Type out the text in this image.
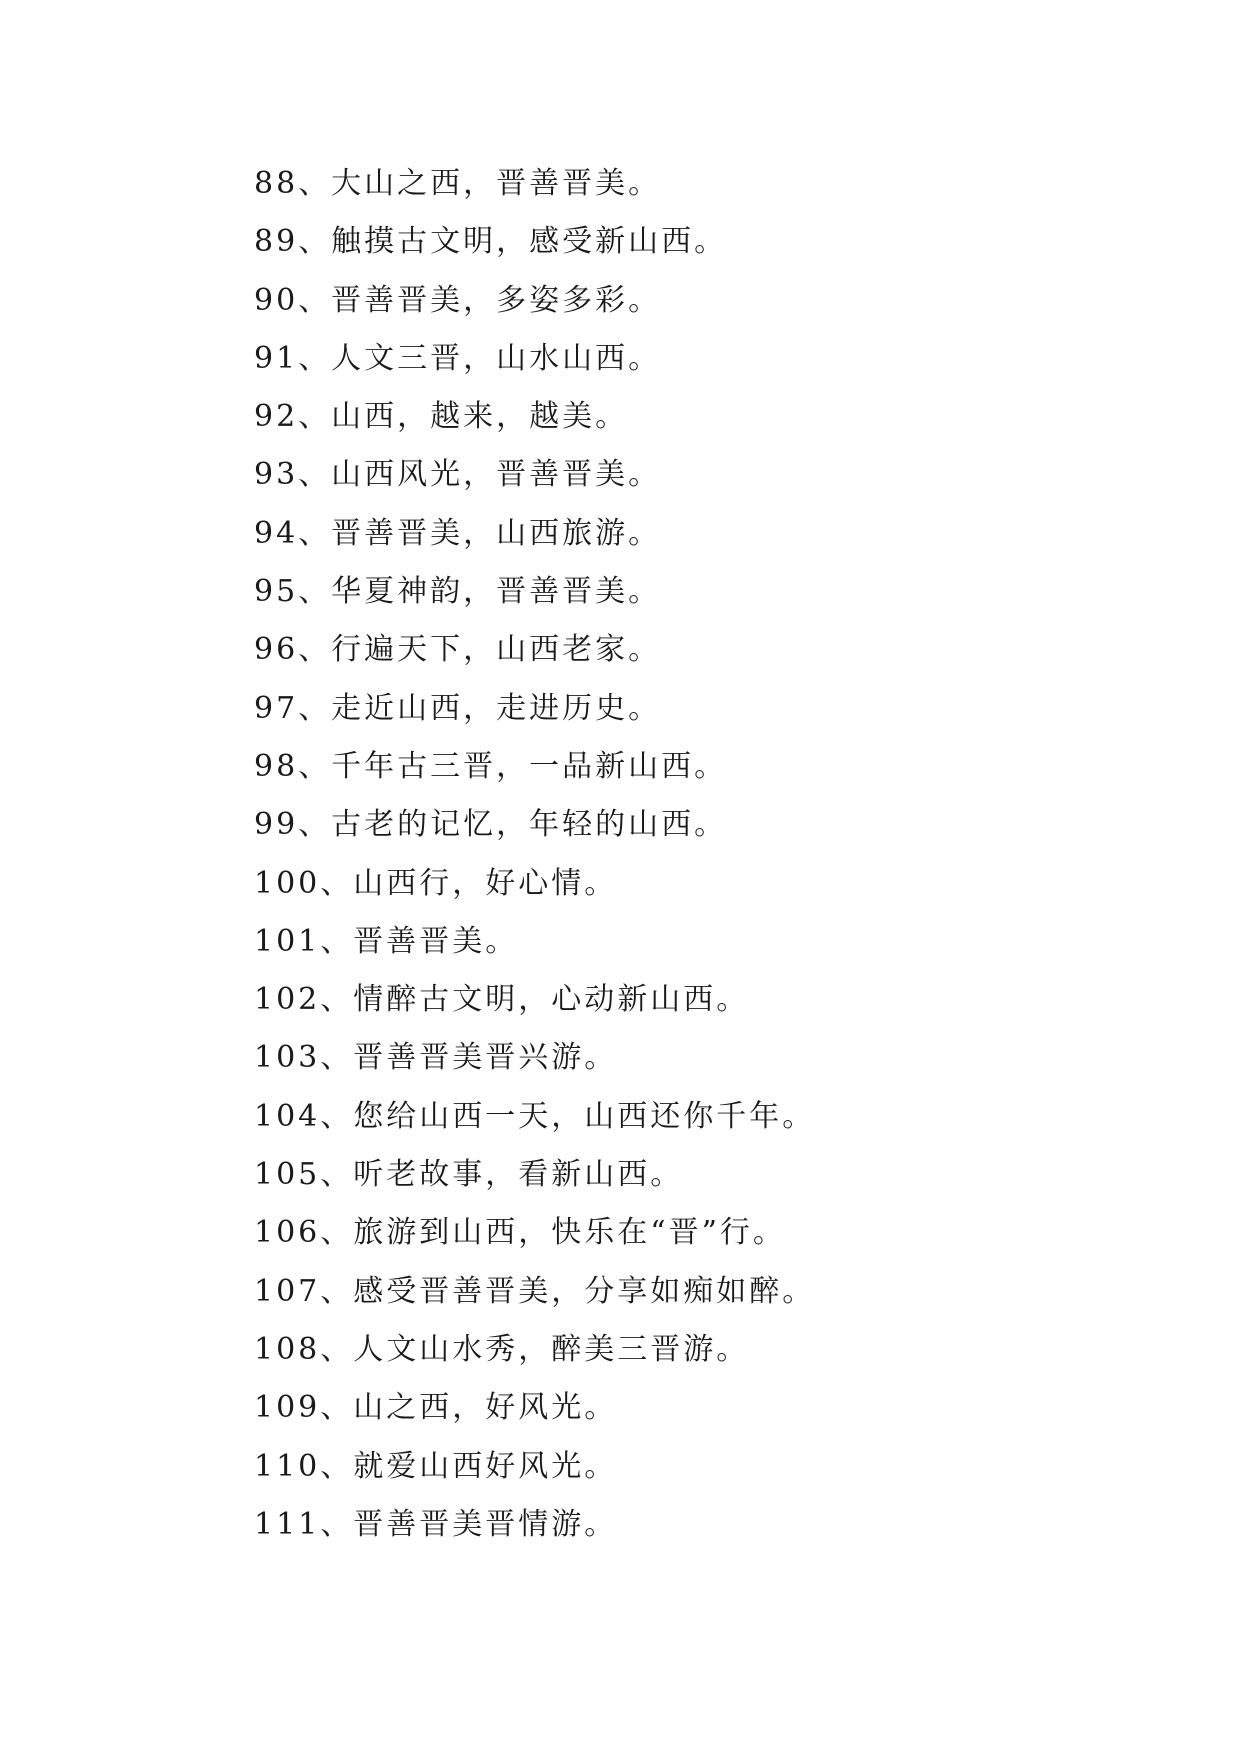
88、大山之西，晋善晋美。
89、触摸古文明，感受新山西。
90、晋善晋美，多姿多彩。
91、人文三晋，山水山西。
92、山西，越来，越美。
93、山西风光，晋善晋美。
94、晋善晋美，山西旅游。
95、华夏神韵，晋善晋美。
96、行遍天下，山西老家。
97、走近山西，走进历史。
98、千年古三晋，一品新山西。
99、古老的记忆，年轻的山西。
100、山西行，好心情。
101、晋善晋美。
102、情醉古文明，心动新山西。
103、晋善晋美晋兴游。
104、您给山西一天，山西还你千年。
105、听老故事，看新山西。
106、旅游到山西，快乐在“晋”行。
107、感受晋善晋美，分享如痴如醉。
108、人文山水秀，醉美三晋游。
109、山之西，好风光。
110、就爱山西好风光。
111、晋善晋美晋情游。
